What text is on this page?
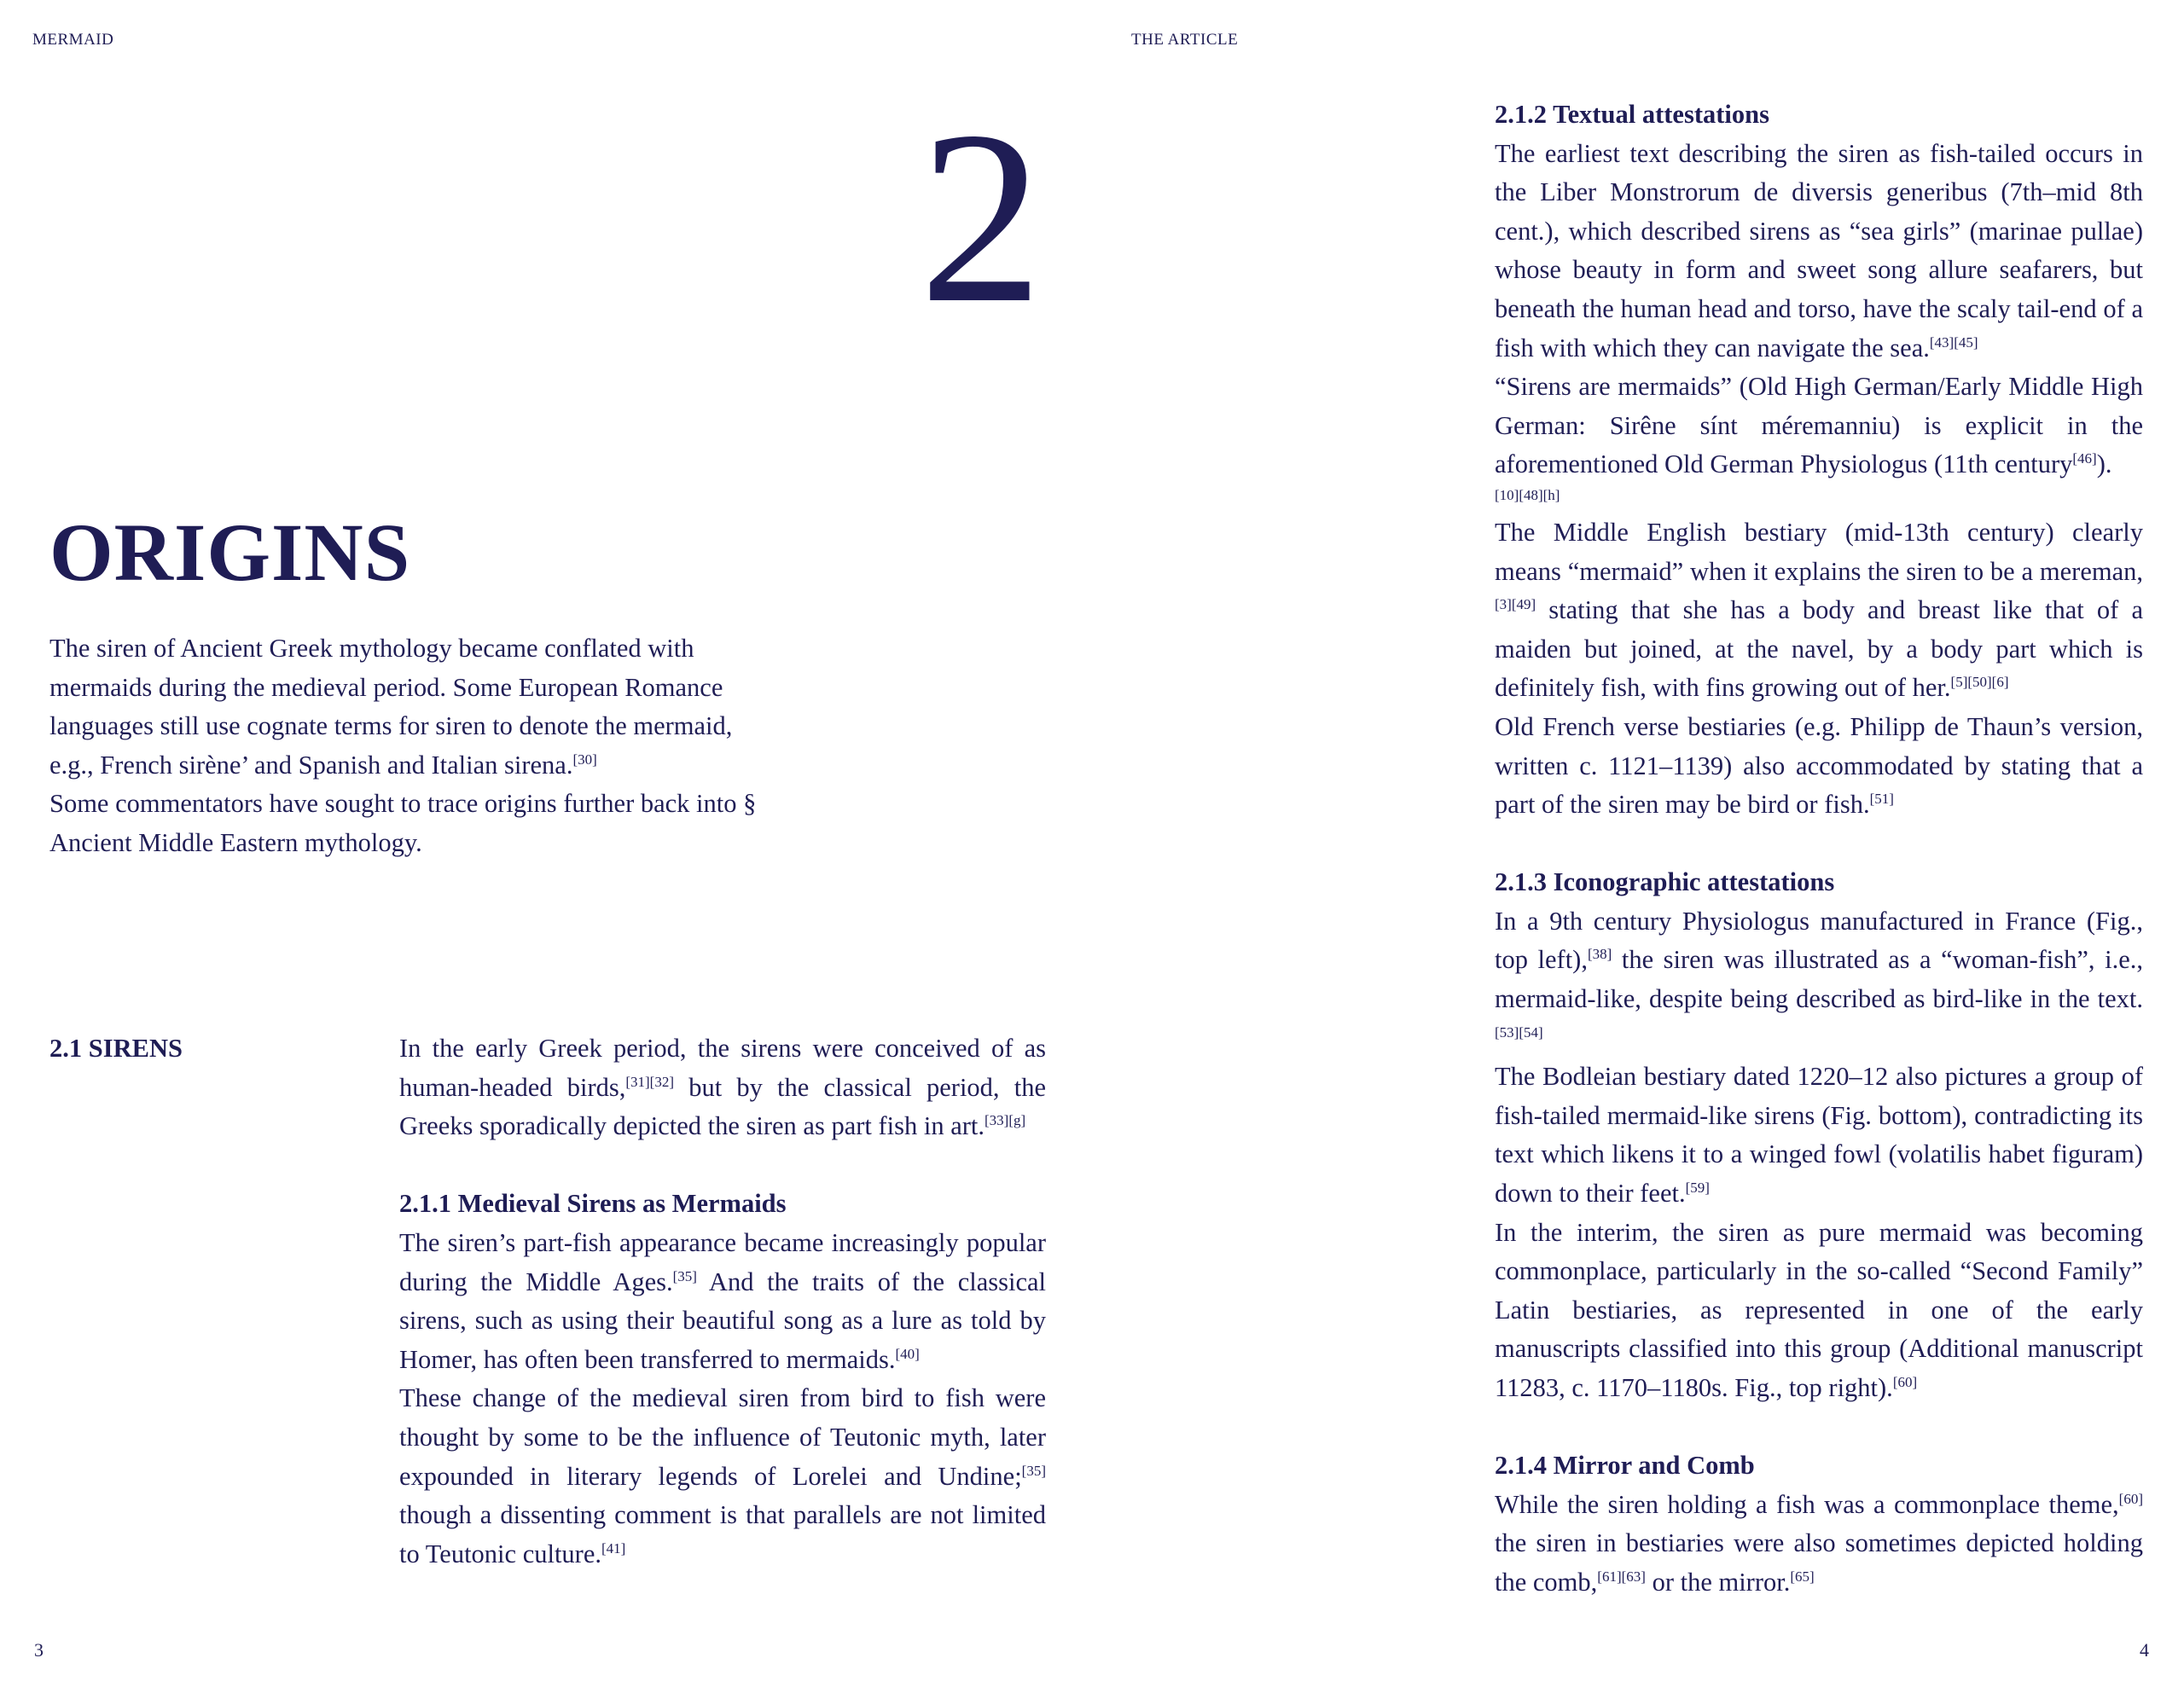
MERMAID	THE ARTICLE
2
ORIGINS

The siren of Ancient Greek mythology became conflated with mermaids during the medieval period. Some European Romance languages still use cognate terms for siren to denote the mermaid, e.g., French sirène’ and Spanish and Italian sirena.[30]

Some commentators have sought to trace origins further back into § Ancient Middle Eastern mythology.

2.1 SIRENS	In the early Greek period, the sirens were conceived of as human-headed birds,[31][32] but by the classical period, the Greeks sporadically depicted the siren as part fish in art.[33][g]

2.1.1 Medieval Sirens as Mermaids

The siren’s part-fish appearance became increasingly popular during the Middle Ages.[35] And the traits of the classical sirens, such as using their beautiful song as a lure as told by Homer, has often been transferred to mermaids.[40]

These change of the medieval siren from bird to fish were thought by some to be the influence of Teutonic myth, later expounded in literary legends of Lorelei and Undine;[35] though a dissenting comment is that parallels are not limited to Teutonic culture.[41]

2.1.2 Textual attestations

The earliest text describing the siren as fish-tailed occurs in the Liber Monstrorum de diversis generibus (7th–mid 8th cent.), which described sirens as “sea girls” (marinae pullae) whose beauty in form and sweet song allure seafarers, but beneath the human head and torso, have the scaly tail-end of a fish with which they can navigate the sea.[43][45]

“Sirens are mermaids” (Old High German/Early Middle High German: Sirêne sínt méremanniu) is explicit in the aforementioned Old German Physiologus (11th century[46]).

[10][48][h]

The Middle English bestiary (mid-13th century) clearly means “mermaid” when it explains the siren to be a mereman,[3][49] stating that she has a body and breast like that of a maiden but joined, at the navel, by a body part which is definitely fish, with fins growing out of her.[5][50][6]

Old French verse bestiaries (e.g. Philipp de Thaun’s version, written c. 1121–1139) also accommodated by stating that a part of the siren may be bird or fish.[51]

2.1.3 Iconographic attestations

In a 9th century Physiologus manufactured in France (Fig., top left),[38] the siren was illustrated as a “woman-fish”, i.e., mermaid-like, despite being described as bird-like in the text.[53][54]

The Bodleian bestiary dated 1220–12 also pictures a group of fish-tailed mermaid-like sirens (Fig. bottom), contradicting its text which likens it to a winged fowl (volatilis habet figuram) down to their feet.[59]

In the interim, the siren as pure mermaid was becoming commonplace, particularly in the so-called “Second Family” Latin bestiaries, as represented in one of the early manuscripts classified into this group (Additional manuscript 11283, c. 1170–1180s. Fig., top right).[60]

2.1.4 Mirror and Comb

While the siren holding a fish was a commonplace theme,[60] the siren in bestiaries were also sometimes depicted holding the comb,[61][63] or the mirror.[65]

3	4
